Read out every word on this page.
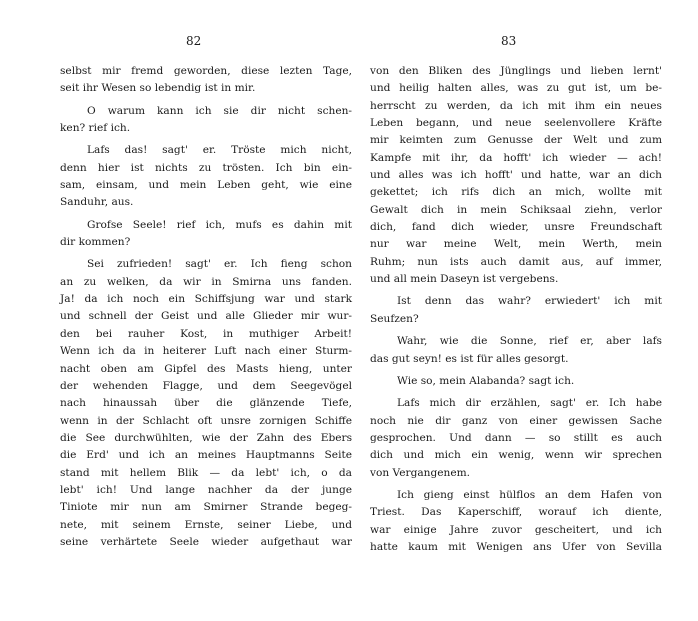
82	83

selbst mir fremd geworden, diese lezten Tage,

seit ihr Wesen so lebendig ist in mir.

O warum kann ich sie dir nicht schen-

ken? rief ich.

Lafs das! sagt' er. Tröste mich nicht,

denn hier ist nichts zu trösten. Ich bin ein-

sam, einsam, und mein Leben geht, wie eine

Sanduhr, aus.

Grofse Seele! rief ich, mufs es dahin mit

dir kommen?

Sei zufrieden! sagt' er. Ich fieng schon

an zu welken, da wir in Smirna uns fanden.

Ja! da ich noch ein Schiffsjung war und stark

und schnell der Geist und alle Glieder mir wur-

den bei rauher Kost, in muthiger Arbeit!

Wenn ich da in heiterer Luft nach einer Sturm-

nacht oben am Gipfel des Masts hieng, unter

der wehenden Flagge, und dem Seegevögel

nach hinaussah über die glänzende Tiefe,

wenn in der Schlacht oft unsre zornigen Schiffe

die See durchwühlten, wie der Zahn des Ebers

die Erd' und ich an meines Hauptmanns Seite

stand mit hellem Blik — da lebt' ich, o da

lebt' ich! Und lange nachher da der junge

Tiniote mir nun am Smirner Strande begeg-

nete, mit seinem Ernste, seiner Liebe, und

seine verhärtete Seele wieder aufgethaut war

von den Bliken des Jünglings und lieben lernt'

und heilig halten alles, was zu gut ist, um be-

herrscht zu werden, da ich mit ihm ein neues

Leben begann, und neue seelenvollere Kräfte

mir keimten zum Genusse der Welt und zum

Kampfe mit ihr, da hofft' ich wieder — ach!

und alles was ich hofft' und hatte, war an dich

gekettet; ich rifs dich an mich, wollte mit

Gewalt dich in mein Schiksaal ziehn, verlor

dich, fand dich wieder, unsre Freundschaft

nur war meine Welt, mein Werth, mein

Ruhm; nun ists auch damit aus, auf immer,

und all mein Daseyn ist vergebens.

Ist denn das wahr? erwiedert' ich mit

Seufzen?

Wahr, wie die Sonne, rief er, aber lafs

das gut seyn! es ist für alles gesorgt.

Wie so, mein Alabanda? sagt ich.

Lafs mich dir erzählen, sagt' er. Ich habe

noch nie dir ganz von einer gewissen Sache

gesprochen. Und dann — so stillt es auch

dich und mich ein wenig, wenn wir sprechen

von Vergangenem.

Ich gieng einst hülflos an dem Hafen von

Triest. Das Kaperschiff, worauf ich diente,

war einige Jahre zuvor gescheitert, und ich

hatte kaum mit Wenigen ans Ufer von Sevilla
